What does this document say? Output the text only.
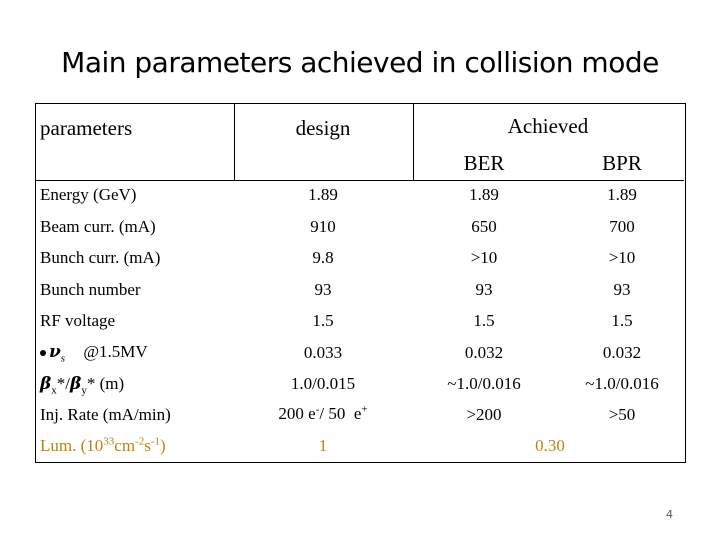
Main parameters achieved in collision mode
parameters	design	Achieved
BER	BPR
Energy (GeV)	1.89	1.89	1.89
Beam curr. (mA)	910	650	700
Bunch curr. (mA)	9.8	>10	>10
Bunch number	93	93	93
RF voltage	1.5	1.5	1.5
$\nu_s$ @1.5MV	0.033	0.032	0.032
$\beta_x*/\beta_y*$ (m)	1.0/0.015	~1.0/0.016	~1.0/0.016
Inj. Rate (mA/min)	200 e-/ 50  e+	>200	>50
Lum. $(10^{33}cm^{-2}s^{-1})$	1	0.30
4
